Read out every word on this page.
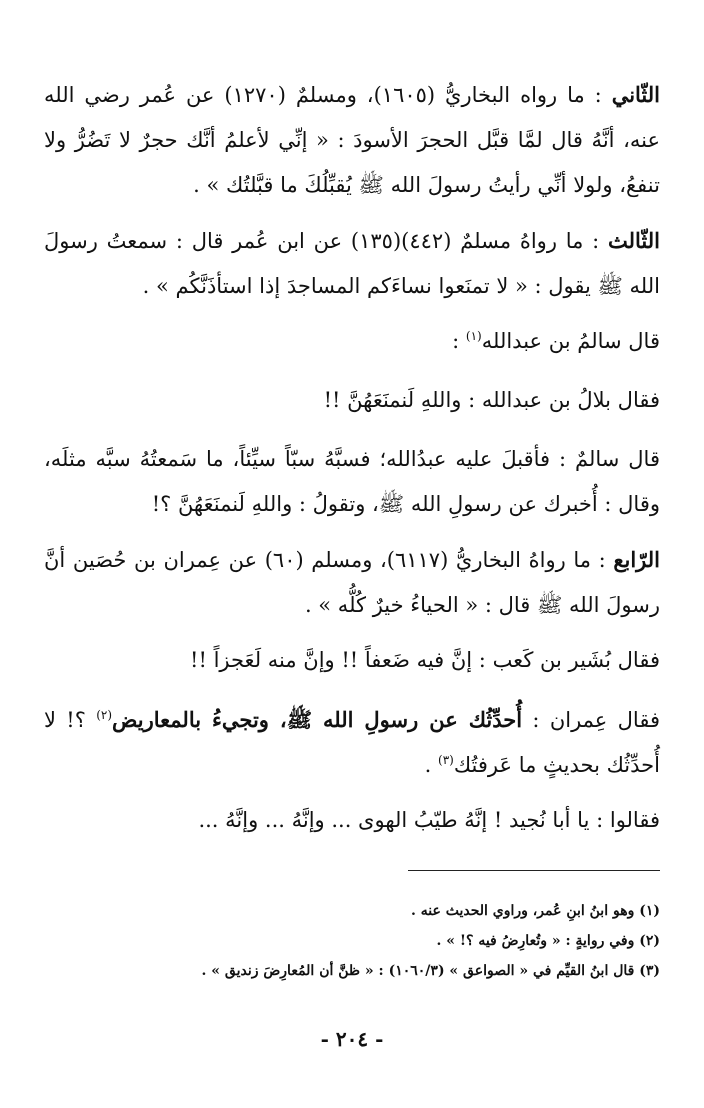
الثّاني : ما رواه البخاريُّ (١٦٠٥)، ومسلمٌ (١٢٧٠) عن عُمر رضي الله عنه، أنَّهُ قال لمَّا قبَّل الحجرَ الأسودَ : « إنِّي لأعلمُ أنَّك حجرٌ لا تَضُرُّ ولا تنفعُ، ولولا أنِّي رأيتُ رسولَ الله ﷺ يُقبِّلُكَ ما قبَّلتُك » .

الثّالث : ما رواهُ مسلمٌ (٤٤٢)(١٣٥) عن ابن عُمر قال : سمعتُ رسولَ الله ﷺ يقول : « لا تمنَعوا نساءَكم المساجدَ إذا استأذَنَّكُم » .

قال سالمُ بن عبدالله$^{(١)}$ :

فقال بلالُ بن عبدالله : واللهِ لَنمنَعَهُنَّ !!

قال سالمٌ : فأقبلَ عليه عبدُالله؛ فسبَّهُ سبّاً سيِّئاً، ما سَمعتُهُ سبَّه مثلَه، وقال : أُخبرك عن رسولِ الله ﷺ، وتقولُ : واللهِ لَنمنَعَهُنَّ ؟!

الرّابع : ما رواهُ البخاريُّ (٦١١٧)، ومسلم (٦٠) عن عِمران بن حُصَين أنَّ رسولَ الله ﷺ قال : « الحياءُ خيرٌ كُلُّه » .

فقال بُشَير بن كَعب : إنَّ فيه ضَعفاً !! وإنَّ منه لَعَجزاً !!

فقال عِمران : أُحدِّثُك عن رسولِ الله ﷺ، وتجيءُ بالمعاريض$^{(٢)}$ ؟! لا أُحدِّثُك بحديثٍ ما عَرفتُك$^{(٣)}$ .

فقالوا : يا أبا نُجيد ! إنَّهُ طيّبُ الهوى ... وإنَّهُ ... وإنَّهُ ...

(١) وهو ابنُ ابنِ عُمر، وراوي الحديث عنه .

(٢) وفي روايةٍ : « وتُعارِضُ فيه ؟! » .

(٣) قال ابنُ القيِّم في « الصواعق » (١٠٦٠/٣) : « ظنَّ أن المُعارِضَ زنديق » .

- ٢٠٤ -
